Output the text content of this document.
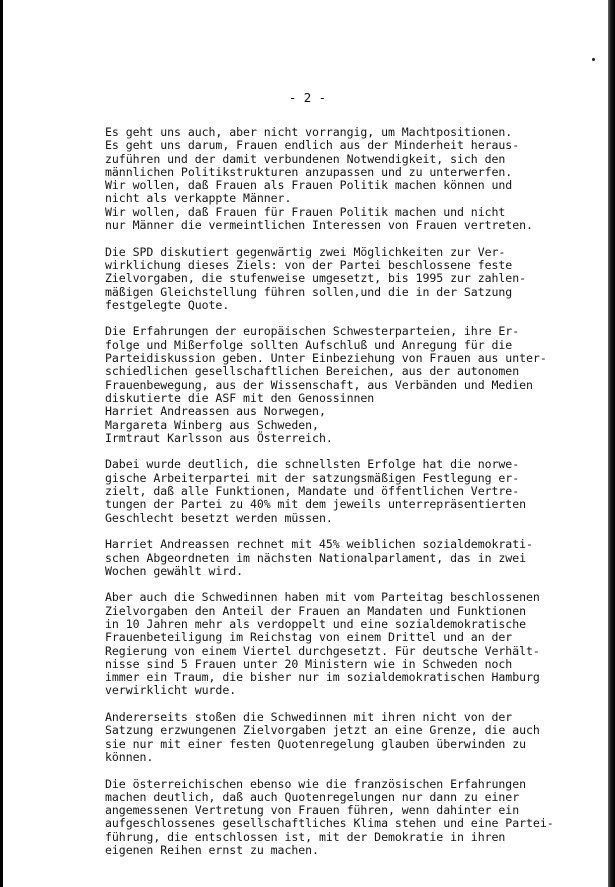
- 2 -
Es geht uns auch, aber nicht vorrangig, um Machtpositionen.
Es geht uns darum, Frauen endlich aus der Minderheit heraus-
zuführen und der damit verbundenen Notwendigkeit, sich den
männlichen Politikstrukturen anzupassen und zu unterwerfen.
Wir wollen, daß Frauen als Frauen Politik machen können und
nicht als verkappte Männer.
Wir wollen, daß Frauen für Frauen Politik machen und nicht
nur Männer die vermeintlichen Interessen von Frauen vertreten.
Die SPD diskutiert gegenwärtig zwei Möglichkeiten zur Ver-
wirklichung dieses Ziels: von der Partei beschlossene feste
Zielvorgaben, die stufenweise umgesetzt, bis 1995 zur zahlen-
mäßigen Gleichstellung führen sollen,und die in der Satzung
festgelegte Quote.
Die Erfahrungen der europäischen Schwesterparteien, ihre Er-
folge und Mißerfolge sollten Aufschluß und Anregung für die
Parteidiskussion geben. Unter Einbeziehung von Frauen aus unter-
schiedlichen gesellschaftlichen Bereichen, aus der autonomen
Frauenbewegung, aus der Wissenschaft, aus Verbänden und Medien
diskutierte die ASF mit den Genossinnen
Harriet Andreassen aus Norwegen,
Margareta Winberg aus Schweden,
Irmtraut Karlsson aus Österreich.
Dabei wurde deutlich, die schnellsten Erfolge hat die norwe-
gische Arbeiterpartei mit der satzungsmäßigen Festlegung er-
zielt, daß alle Funktionen, Mandate und öffentlichen Vertre-
tungen der Partei zu 40% mit dem jeweils unterrepräsentierten
Geschlecht besetzt werden müssen.
Harriet Andreassen rechnet mit 45% weiblichen sozialdemokrati-
schen Abgeordneten im nächsten Nationalparlament, das in zwei
Wochen gewählt wird.
Aber auch die Schwedinnen haben mit vom Parteitag beschlossenen
Zielvorgaben den Anteil der Frauen an Mandaten und Funktionen
in 10 Jahren mehr als verdoppelt und eine sozialdemokratische
Frauenbeteiligung im Reichstag von einem Drittel und an der
Regierung von einem Viertel durchgesetzt. Für deutsche Verhält-
nisse sind 5 Frauen unter 20 Ministern wie in Schweden noch
immer ein Traum, die bisher nur im sozialdemokratischen Hamburg
verwirklicht wurde.
Andererseits stoßen die Schwedinnen mit ihren nicht von der
Satzung erzwungenen Zielvorgaben jetzt an eine Grenze, die auch
sie nur mit einer festen Quotenregelung glauben überwinden zu
können.
Die österreichischen ebenso wie die französischen Erfahrungen
machen deutlich, daß auch Quotenregelungen nur dann zu einer
angemessenen Vertretung von Frauen führen, wenn dahinter ein
aufgeschlossenes gesellschaftliches Klima stehen und eine Partei-
führung, die entschlossen ist, mit der Demokratie in ihren
eigenen Reihen ernst zu machen.
